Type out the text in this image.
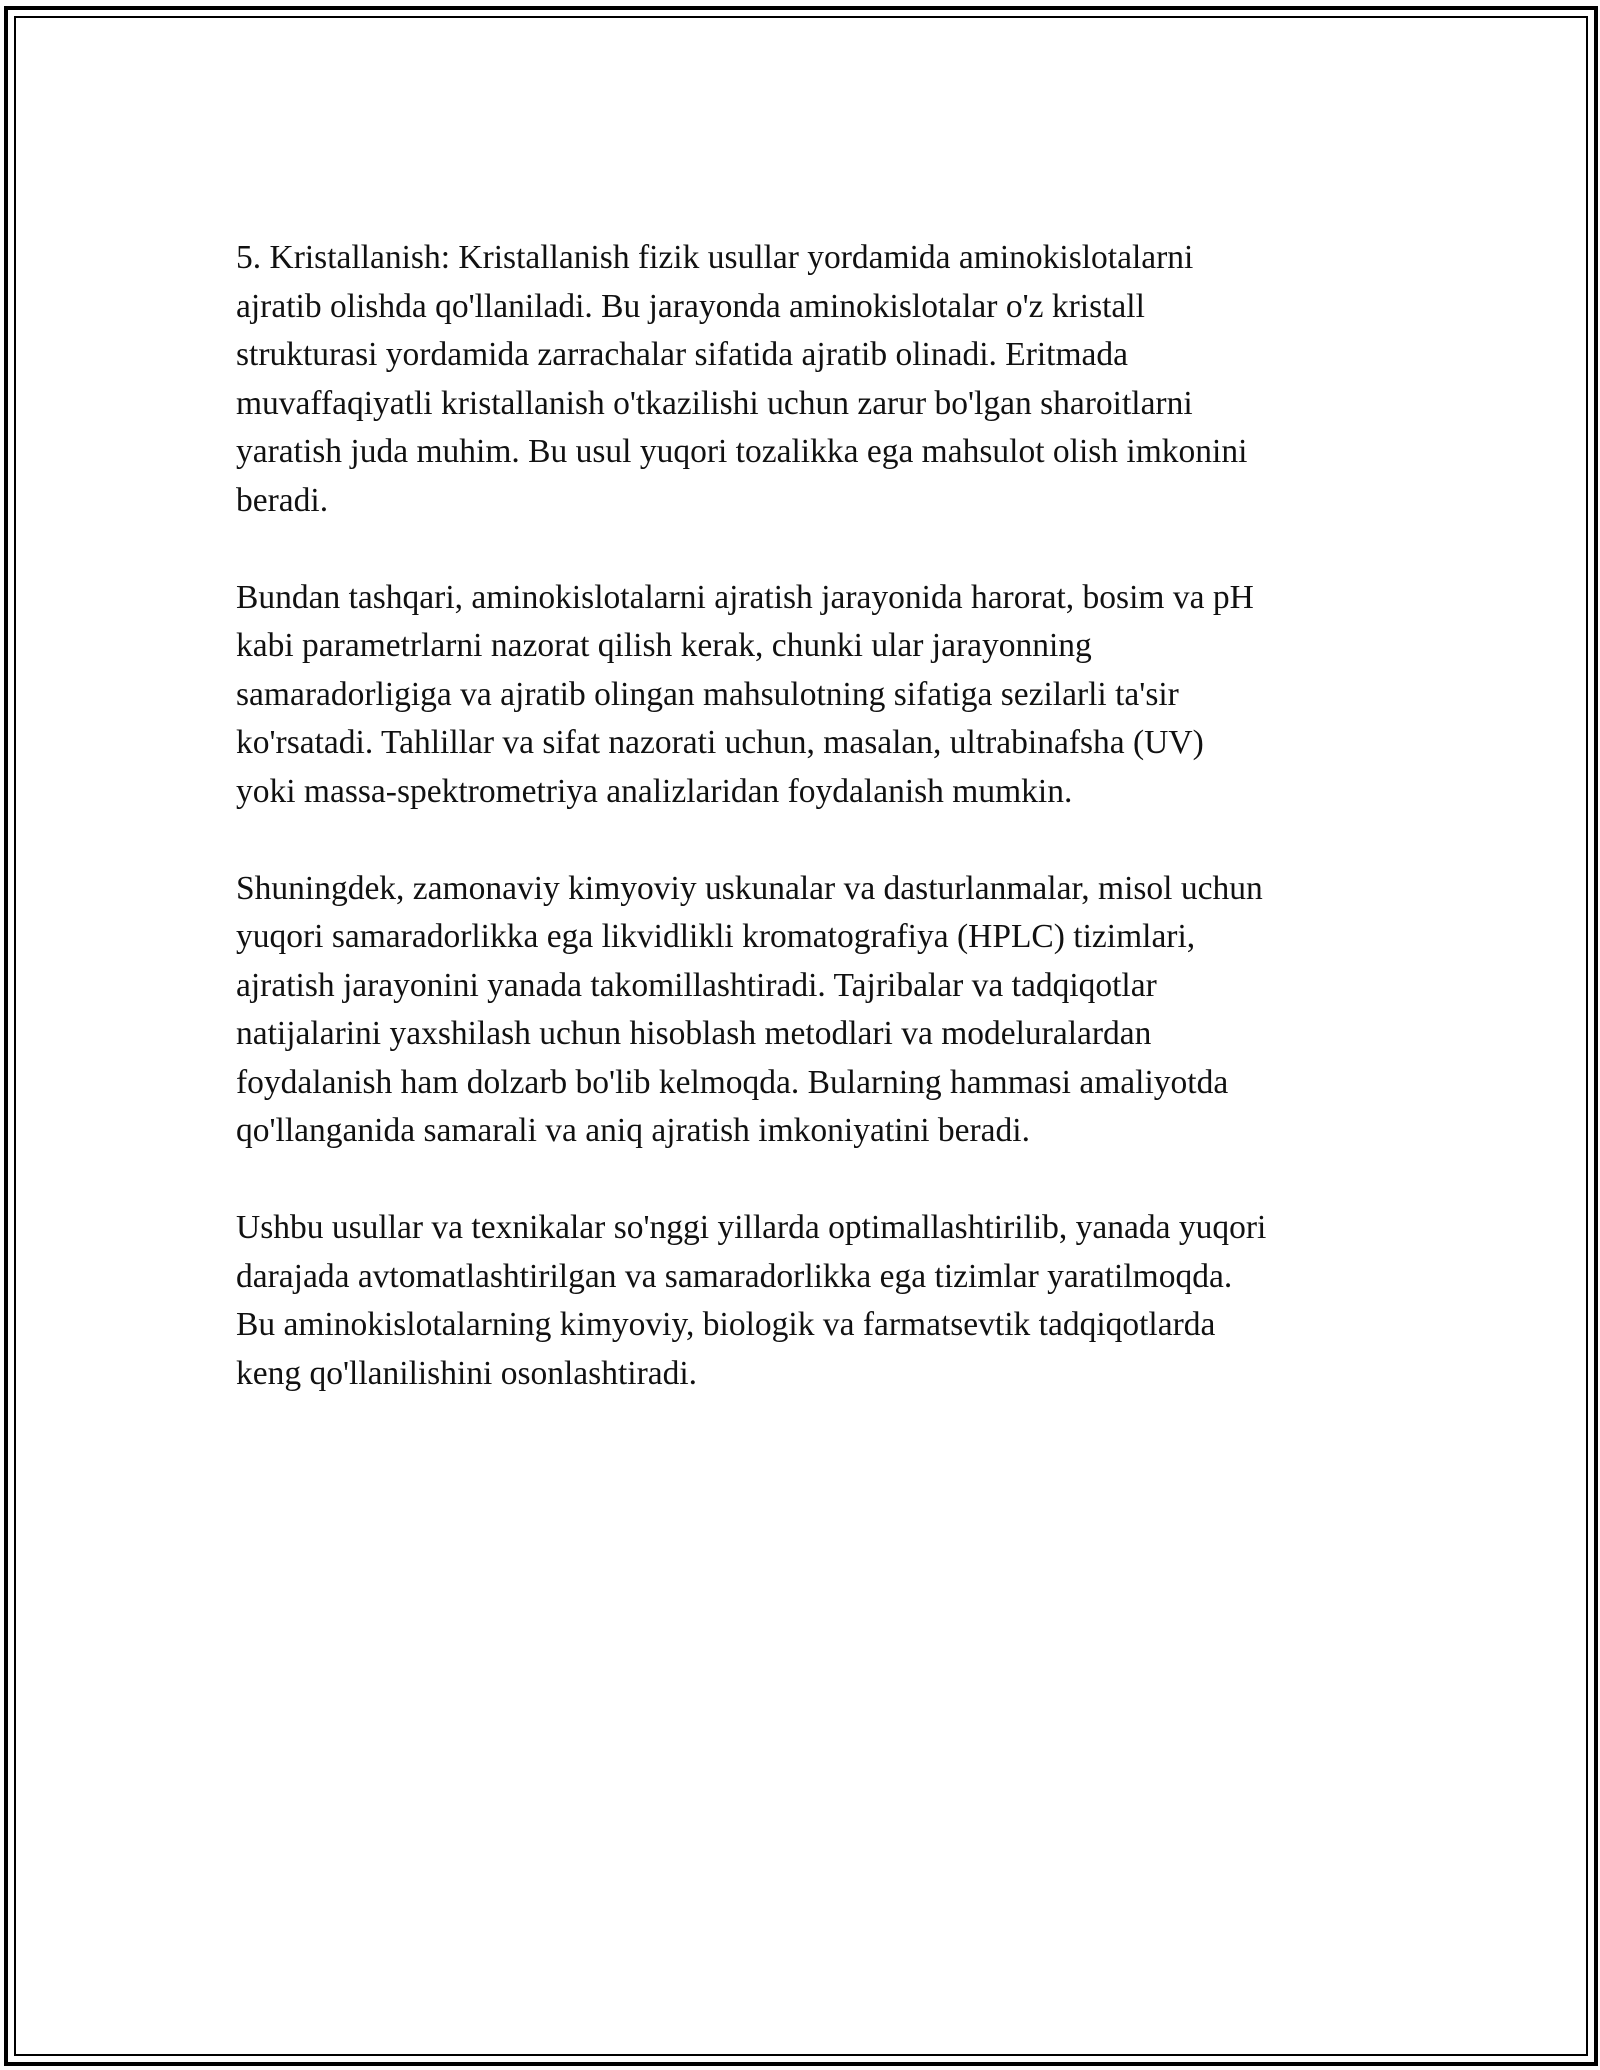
5. Kristallanish: Kristallanish fizik usullar yordamida aminokislotalarni
ajratib olishda qo'llaniladi. Bu jarayonda aminokislotalar o'z kristall
strukturasi yordamida zarrachalar sifatida ajratib olinadi. Eritmada
muvaffaqiyatli kristallanish o'tkazilishi uchun zarur bo'lgan sharoitlarni
yaratish juda muhim. Bu usul yuqori tozalikka ega mahsulot olish imkonini
beradi.

Bundan tashqari, aminokislotalarni ajratish jarayonida harorat, bosim va pH
kabi parametrlarni nazorat qilish kerak, chunki ular jarayonning
samaradorligiga va ajratib olingan mahsulotning sifatiga sezilarli ta'sir
ko'rsatadi. Tahlillar va sifat nazorati uchun, masalan, ultrabinafsha (UV)
yoki massa-spektrometriya analizlaridan foydalanish mumkin.

Shuningdek, zamonaviy kimyoviy uskunalar va dasturlanmalar, misol uchun
yuqori samaradorlikka ega likvidlikli kromatografiya (HPLC) tizimlari,
ajratish jarayonini yanada takomillashtiradi. Tajribalar va tadqiqotlar
natijalarini yaxshilash uchun hisoblash metodlari va modeluralardan
foydalanish ham dolzarb bo'lib kelmoqda. Bularning hammasi amaliyotda
qo'llanganida samarali va aniq ajratish imkoniyatini beradi.

Ushbu usullar va texnikalar so'nggi yillarda optimallashtirilib, yanada yuqori
darajada avtomatlashtirilgan va samaradorlikka ega tizimlar yaratilmoqda.
Bu aminokislotalarning kimyoviy, biologik va farmatsevtik tadqiqotlarda
keng qo'llanilishini osonlashtiradi.
